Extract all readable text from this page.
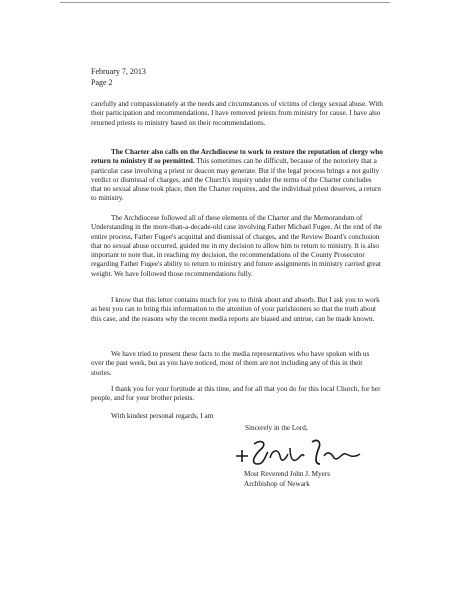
February 7, 2013
Page 2
carefully and compassionately at the needs and circumstances of victims of clergy sexual abuse. With their participation and recommendations, I have removed priests from ministry for cause. I have also returned priests to ministry based on their recommendations.
The Charter also calls on the Archdiocese to work to restore the reputation of clergy who return to ministry if so permitted. This sometimes can be difficult, because of the notoriety that a particular case involving a priest or deacon may generate. But if the legal process brings a not guilty verdict or dismissal of charges, and the Church's inquiry under the terms of the Charter concludes that no sexual abuse took place, then the Charter requires, and the individual priest deserves, a return to ministry.
The Archdiocese followed all of these elements of the Charter and the Memorandum of Understanding in the more-than-a-decade-old case involving Father Michael Fugee. At the end of the entire process, Father Fugee's acquittal and dismissal of charges, and the Review Board's conclusion that no sexual abuse occurred, guided me in my decision to allow him to return to ministry. It is also important to note that, in reaching my decision, the recommendations of the County Prosecutor regarding Father Fugee's ability to return to ministry and future assignments in ministry carried great weight. We have followed those recommendations fully.
I know that this letter contains much for you to think about and absorb. But I ask you to work as best you can to bring this information to the attention of your parishioners so that the truth about this case, and the reasons why the recent media reports are biased and untrue, can be made known.
We have tried to present these facts to the media representatives who have spoken with us over the past week, but as you have noticed, most of them are not including any of this in their stories.
I thank you for your fortitude at this time, and for all that you do for this local Church, for her people, and for your brother priests.
With kindest personal regards, I am
Sincerely in the Lord,
Most Reverend John J. Myers
Archbishop of Newark
